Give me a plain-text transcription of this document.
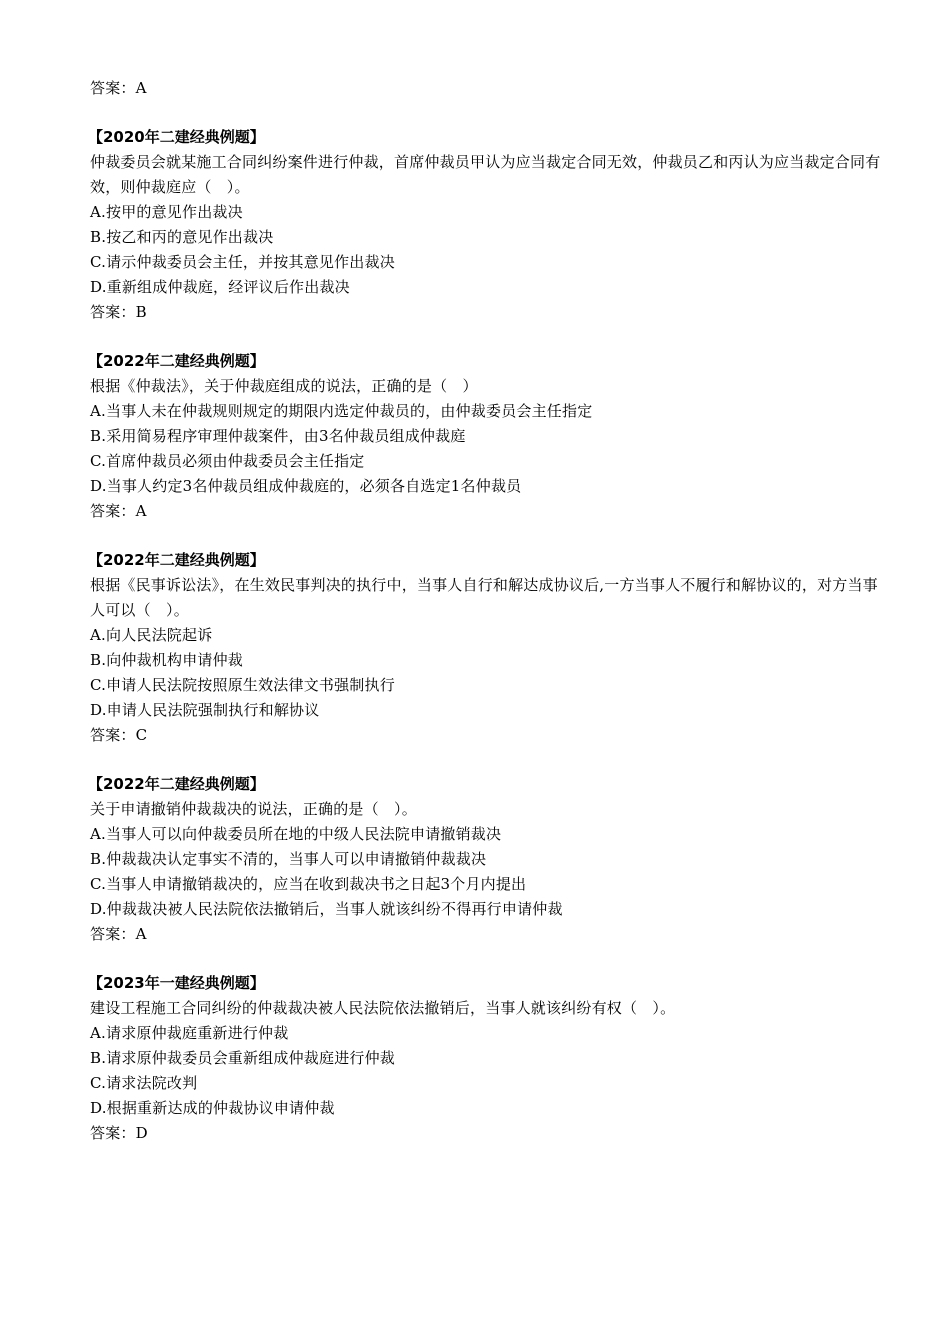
答案：A
【2020年二建经典例题】
仲裁委员会就某施工合同纠纷案件进行仲裁，首席仲裁员甲认为应当裁定合同无效，仲裁员乙和丙认为应当裁定合同有效，则仲裁庭应（　）。
A.按甲的意见作出裁决
B.按乙和丙的意见作出裁决
C.请示仲裁委员会主任，并按其意见作出裁决
D.重新组成仲裁庭，经评议后作出裁决
答案：B
【2022年二建经典例题】
根据《仲裁法》，关于仲裁庭组成的说法，正确的是（　）
A.当事人未在仲裁规则规定的期限内选定仲裁员的，由仲裁委员会主任指定
B.采用简易程序审理仲裁案件，由3名仲裁员组成仲裁庭
C.首席仲裁员必须由仲裁委员会主任指定
D.当事人约定3名仲裁员组成仲裁庭的，必须各自选定1名仲裁员
答案：A
【2022年二建经典例题】
根据《民事诉讼法》，在生效民事判决的执行中，当事人自行和解达成协议后,一方当事人不履行和解协议的，对方当事人可以（　）。
A.向人民法院起诉
B.向仲裁机构申请仲裁
C.申请人民法院按照原生效法律文书强制执行
D.申请人民法院强制执行和解协议
答案：C
【2022年二建经典例题】
关于申请撤销仲裁裁决的说法，正确的是（　）。
A.当事人可以向仲裁委员所在地的中级人民法院申请撤销裁决
B.仲裁裁决认定事实不清的，当事人可以申请撤销仲裁裁决
C.当事人申请撤销裁决的，应当在收到裁决书之日起3个月内提出
D.仲裁裁决被人民法院依法撤销后，当事人就该纠纷不得再行申请仲裁
答案：A
【2023年一建经典例题】
建设工程施工合同纠纷的仲裁裁决被人民法院依法撤销后，当事人就该纠纷有权（　）。
A.请求原仲裁庭重新进行仲裁
B.请求原仲裁委员会重新组成仲裁庭进行仲裁
C.请求法院改判
D.根据重新达成的仲裁协议申请仲裁
答案：D
